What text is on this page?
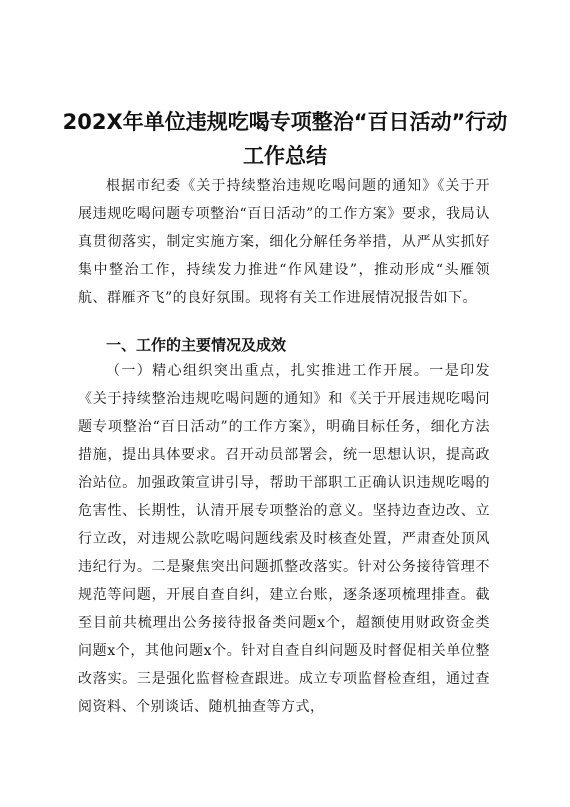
202X年单位违规吃喝专项整治“百日活动”行动
工作总结

根据市纪委《关于持续整治违规吃喝问题的通知》《关于开展违规吃喝问题专项整治“百日活动”的工作方案》要求，我局认真贯彻落实，制定实施方案，细化分解任务举措，从严从实抓好集中整治工作，持续发力推进“作风建设”，推动形成“头雁领航、群雁齐飞”的良好氛围。现将有关工作进展情况报告如下。

一、工作的主要情况及成效

（一）精心组织突出重点，扎实推进工作开展。一是印发《关于持续整治违规吃喝问题的通知》和《关于开展违规吃喝问题专项整治“百日活动”的工作方案》，明确目标任务，细化方法措施，提出具体要求。召开动员部署会，统一思想认识，提高政治站位。加强政策宣讲引导，帮助干部职工正确认识违规吃喝的危害性、长期性，认清开展专项整治的意义。坚持边查边改、立行立改，对违规公款吃喝问题线索及时核查处置，严肃查处顶风违纪行为。二是聚焦突出问题抓整改落实。针对公务接待管理不规范等问题，开展自查自纠，建立台账，逐条逐项梳理排查。截至目前共梳理出公务接待报备类问题x个，超额使用财政资金类问题x个，其他问题x个。针对自查自纠问题及时督促相关单位整改落实。三是强化监督检查跟进。成立专项监督检查组，通过查阅资料、个别谈话、随机抽查等方式，
